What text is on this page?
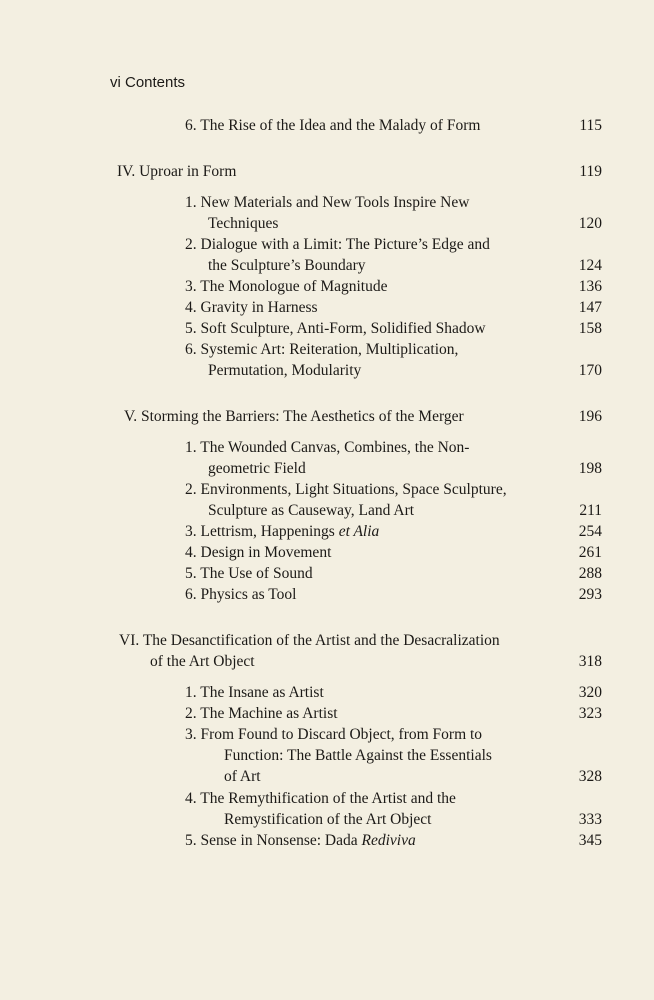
vi Contents
6. The Rise of the Idea and the Malady of Form	115
IV. Uproar in Form	119
1. New Materials and New Tools Inspire New
Techniques	120
2. Dialogue with a Limit: The Picture’s Edge and
the Sculpture’s Boundary	124
3. The Monologue of Magnitude	136
4. Gravity in Harness	147
5. Soft Sculpture, Anti-Form, Solidified Shadow	158
6. Systemic Art: Reiteration, Multiplication,
Permutation, Modularity	170
V. Storming the Barriers: The Aesthetics of the Merger	196
1. The Wounded Canvas, Combines, the Non-
geometric Field	198
2. Environments, Light Situations, Space Sculpture,
Sculpture as Causeway, Land Art	211
3. Lettrism, Happenings et Alia	254
4. Design in Movement	261
5. The Use of Sound	288
6. Physics as Tool	293
VI. The Desanctification of the Artist and the Desacralization
of the Art Object	318
1. The Insane as Artist	320
2. The Machine as Artist	323
3. From Found to Discard Object, from Form to
Function: The Battle Against the Essentials
of Art	328
4. The Remythification of the Artist and the
Remystification of the Art Object	333
5. Sense in Nonsense: Dada Rediviva	345
